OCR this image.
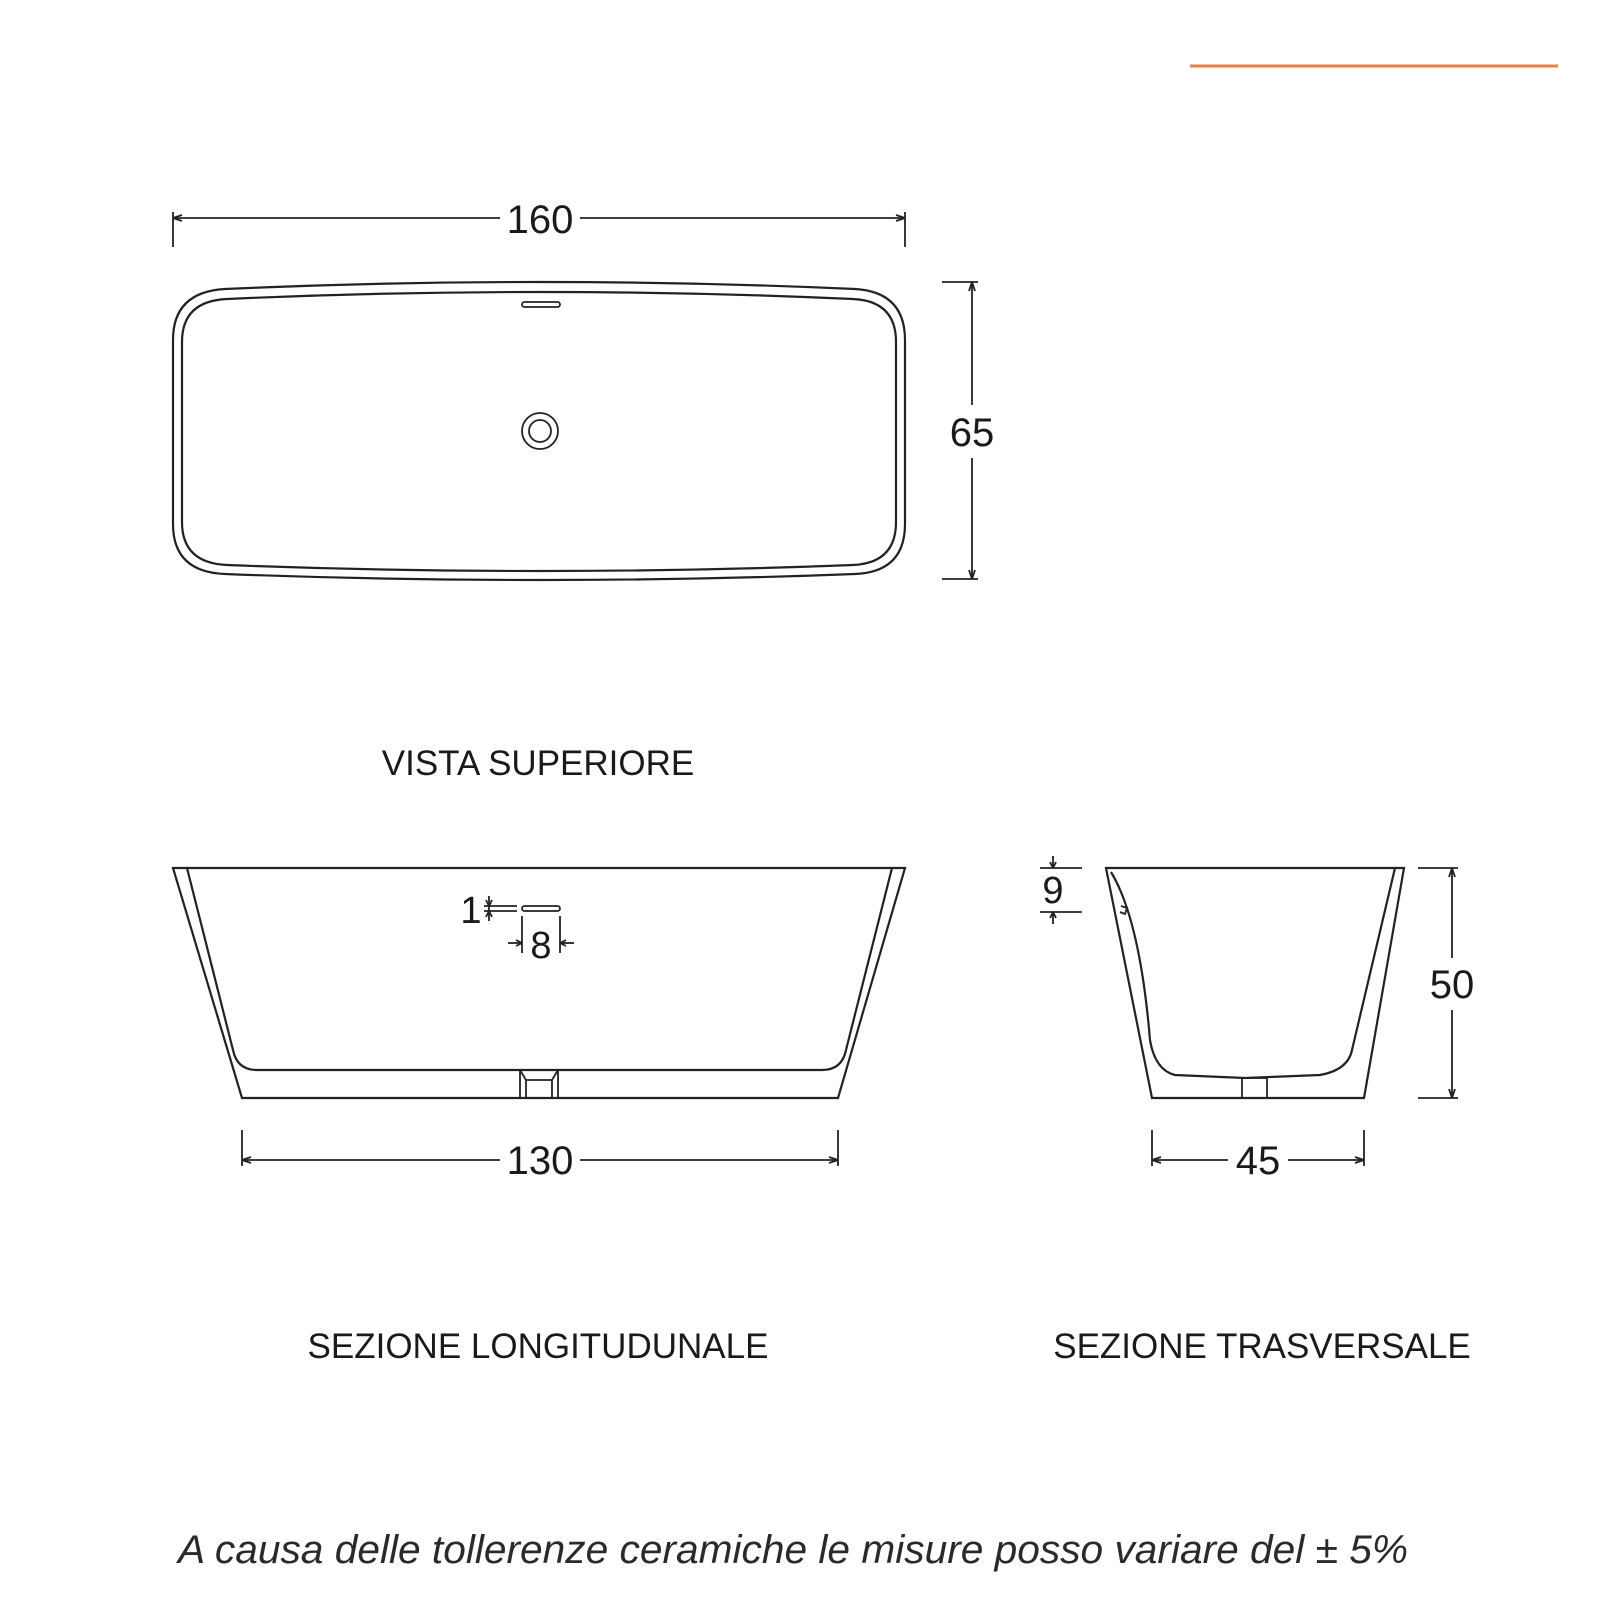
160
65
VISTA SUPERIORE
1
8
130
SEZIONE LONGITUDUNALE
9
50
45
SEZIONE TRASVERSALE
A causa delle tollerenze ceramiche le misure posso variare del ± 5%
